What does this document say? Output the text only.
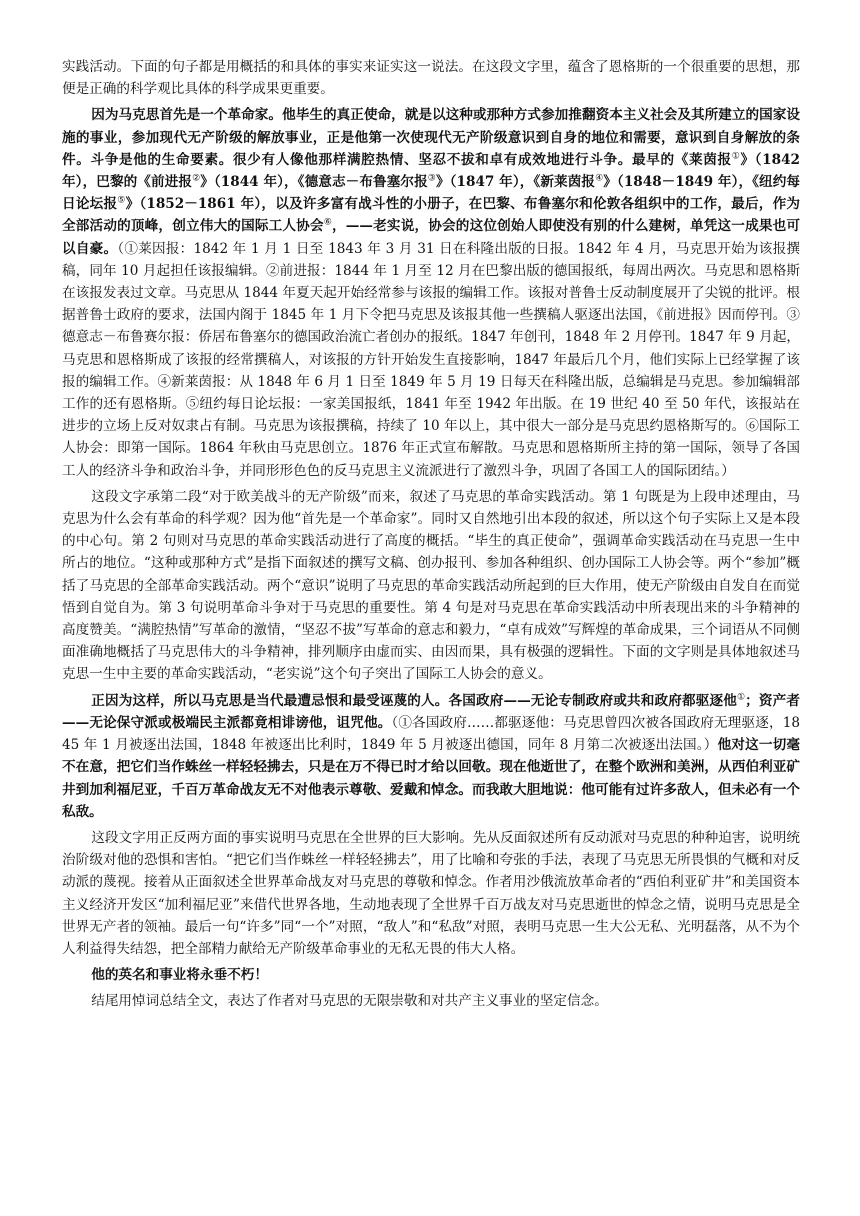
实践活动。下面的句子都是用概括的和具体的事实来证实这一说法。在这段文字里，蕴含了恩格斯的一个很重要的思想，那便是正确的科学观比具体的科学成果更重要。

因为马克思首先是一个革命家。他毕生的真正使命，就是以这种或那种方式参加推翻资本主义社会及其所建立的国家设施的事业，参加现代无产阶级的解放事业，正是他第一次使现代无产阶级意识到自身的地位和需要，意识到自身解放的条件。斗争是他的生命要素。很少有人像他那样满腔热情、坚忍不拔和卓有成效地进行斗争。最早的《莱茵报①》（1842 年），巴黎的《前进报②》（1844 年），《德意志－布鲁塞尔报③》（1847 年），《新莱茵报④》（1848－1849 年），《纽约每日论坛报⑤》（1852－1861 年），以及许多富有战斗性的小册子，在巴黎、布鲁塞尔和伦敦各组织中的工作，最后，作为全部活动的顶峰，创立伟大的国际工人协会⑥，——老实说，协会的这位创始人即使没有别的什么建树，单凭这一成果也可以自豪。（①莱因报：1842 年 1 月 1 日至 1843 年 3 月 31 日在科隆出版的日报。1842 年 4 月，马克思开始为该报撰稿，同年 10 月起担任该报编辑。②前进报：1844 年 1 月至 12 月在巴黎出版的德国报纸，每周出两次。马克思和恩格斯在该报发表过文章。马克思从 1844 年夏天起开始经常参与该报的编辑工作。该报对普鲁士反动制度展开了尖锐的批评。根据普鲁士政府的要求，法国内阁于 1845 年 1 月下令把马克思及该报其他一些撰稿人驱逐出法国，《前进报》因而停刊。③德意志－布鲁赛尔报：侨居布鲁塞尔的德国政治流亡者创办的报纸。1847 年创刊，1848 年 2 月停刊。1847 年 9 月起，马克思和恩格斯成了该报的经常撰稿人，对该报的方针开始发生直接影响，1847 年最后几个月，他们实际上已经掌握了该报的编辑工作。④新莱茵报：从 1848 年 6 月 1 日至 1849 年 5 月 19 日每天在科隆出版，总编辑是马克思。参加编辑部工作的还有恩格斯。⑤纽约每日论坛报：一家美国报纸，1841 年至 1942 年出版。在 19 世纪 40 至 50 年代，该报站在进步的立场上反对奴隶占有制。马克思为该报撰稿，持续了 10 年以上，其中很大一部分是马克思约恩格斯写的。⑥国际工人协会：即第一国际。1864 年秋由马克思创立。1876 年正式宣布解散。马克思和恩格斯所主持的第一国际，领导了各国工人的经济斗争和政治斗争，并同形形色色的反马克思主义流派进行了激烈斗争，巩固了各国工人的国际团结。）

这段文字承第二段“对于欧美战斗的无产阶级”而来，叙述了马克思的革命实践活动。第 1 句既是为上段申述理由，马克思为什么会有革命的科学观？因为他“首先是一个革命家”。同时又自然地引出本段的叙述，所以这个句子实际上又是本段的中心句。第 2 句则对马克思的革命实践活动进行了高度的概括。“毕生的真正使命”，强调革命实践活动在马克思一生中所占的地位。“这种或那种方式”是指下面叙述的撰写文稿、创办报刊、参加各种组织、创办国际工人协会等。两个“参加”概括了马克思的全部革命实践活动。两个“意识”说明了马克思的革命实践活动所起到的巨大作用，使无产阶级由自发自在而觉悟到自觉自为。第 3 句说明革命斗争对于马克思的重要性。第 4 句是对马克思在革命实践活动中所表现出来的斗争精神的高度赞美。“满腔热情”写革命的激情，“坚忍不拔”写革命的意志和毅力，“卓有成效”写辉煌的革命成果，三个词语从不同侧面准确地概括了马克思伟大的斗争精神，排列顺序由虚而实、由因而果，具有极强的逻辑性。下面的文字则是具体地叙述马克思一生中主要的革命实践活动，“老实说”这个句子突出了国际工人协会的意义。

正因为这样，所以马克思是当代最遭忌恨和最受诬蔑的人。各国政府——无论专制政府或共和政府都驱逐他①；资产者——无论保守派或极端民主派都竟相诽谤他，诅咒他。（①各国政府……都驱逐他：马克思曾四次被各国政府无理驱逐，1845 年 1 月被逐出法国，1848 年被逐出比利时，1849 年 5 月被逐出德国，同年 8 月第二次被逐出法国。）他对这一切毫不在意，把它们当作蛛丝一样轻轻拂去，只是在万不得已时才给以回敬。现在他逝世了，在整个欧洲和美洲，从西伯利亚矿井到加利福尼亚，千百万革命战友无不对他表示尊敬、爱戴和悼念。而我敢大胆地说：他可能有过许多敌人，但未必有一个私敌。

这段文字用正反两方面的事实说明马克思在全世界的巨大影响。先从反面叙述所有反动派对马克思的种种迫害，说明统治阶级对他的恐惧和害怕。“把它们当作蛛丝一样轻轻拂去”，用了比喻和夸张的手法，表现了马克思无所畏惧的气概和对反动派的蔑视。接着从正面叙述全世界革命战友对马克思的尊敬和悼念。作者用沙俄流放革命者的“西伯利亚矿井”和美国资本主义经济开发区“加利福尼亚”来借代世界各地，生动地表现了全世界千百万战友对马克思逝世的悼念之情，说明马克思是全世界无产者的领袖。最后一句“许多”同“一个”对照，“敌人”和“私敌”对照，表明马克思一生大公无私、光明磊落，从不为个人利益得失结怨，把全部精力献给无产阶级革命事业的无私无畏的伟大人格。

他的英名和事业将永垂不朽！

结尾用悼词总结全文，表达了作者对马克思的无限崇敬和对共产主义事业的坚定信念。
